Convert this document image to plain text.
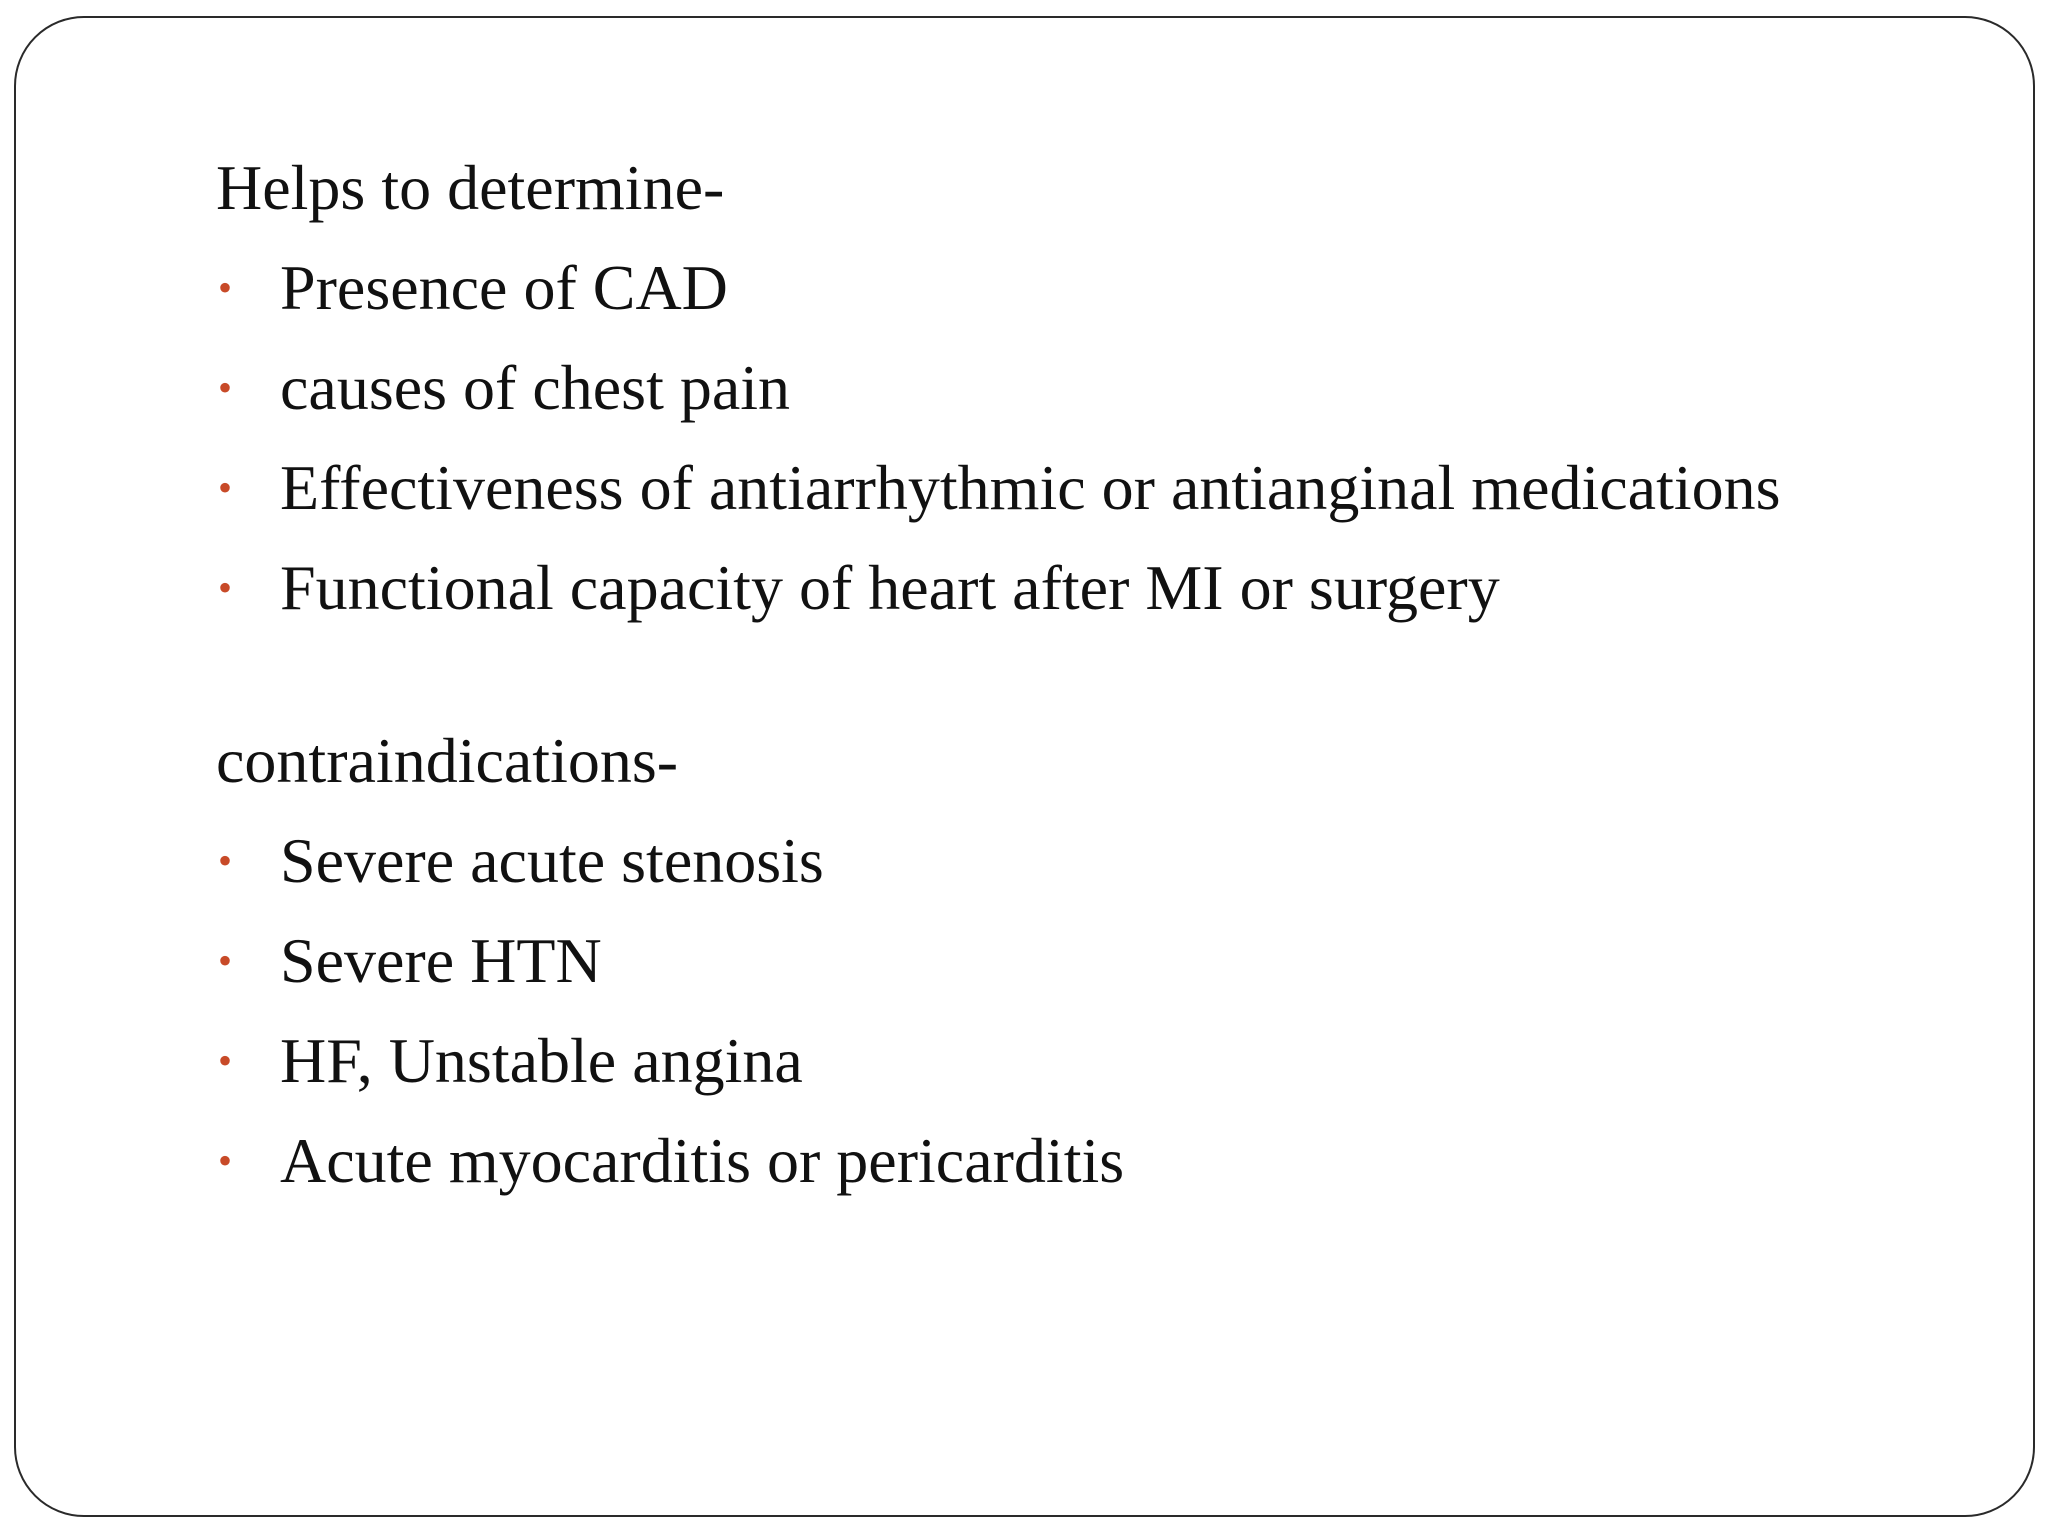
Helps to determine-

• Presence of CAD
• causes of chest pain
• Effectiveness of antiarrhythmic or antianginal medications
• Functional capacity of heart after MI or surgery

contraindications-

• Severe acute stenosis
• Severe HTN
• HF, Unstable angina
• Acute myocarditis or pericarditis
